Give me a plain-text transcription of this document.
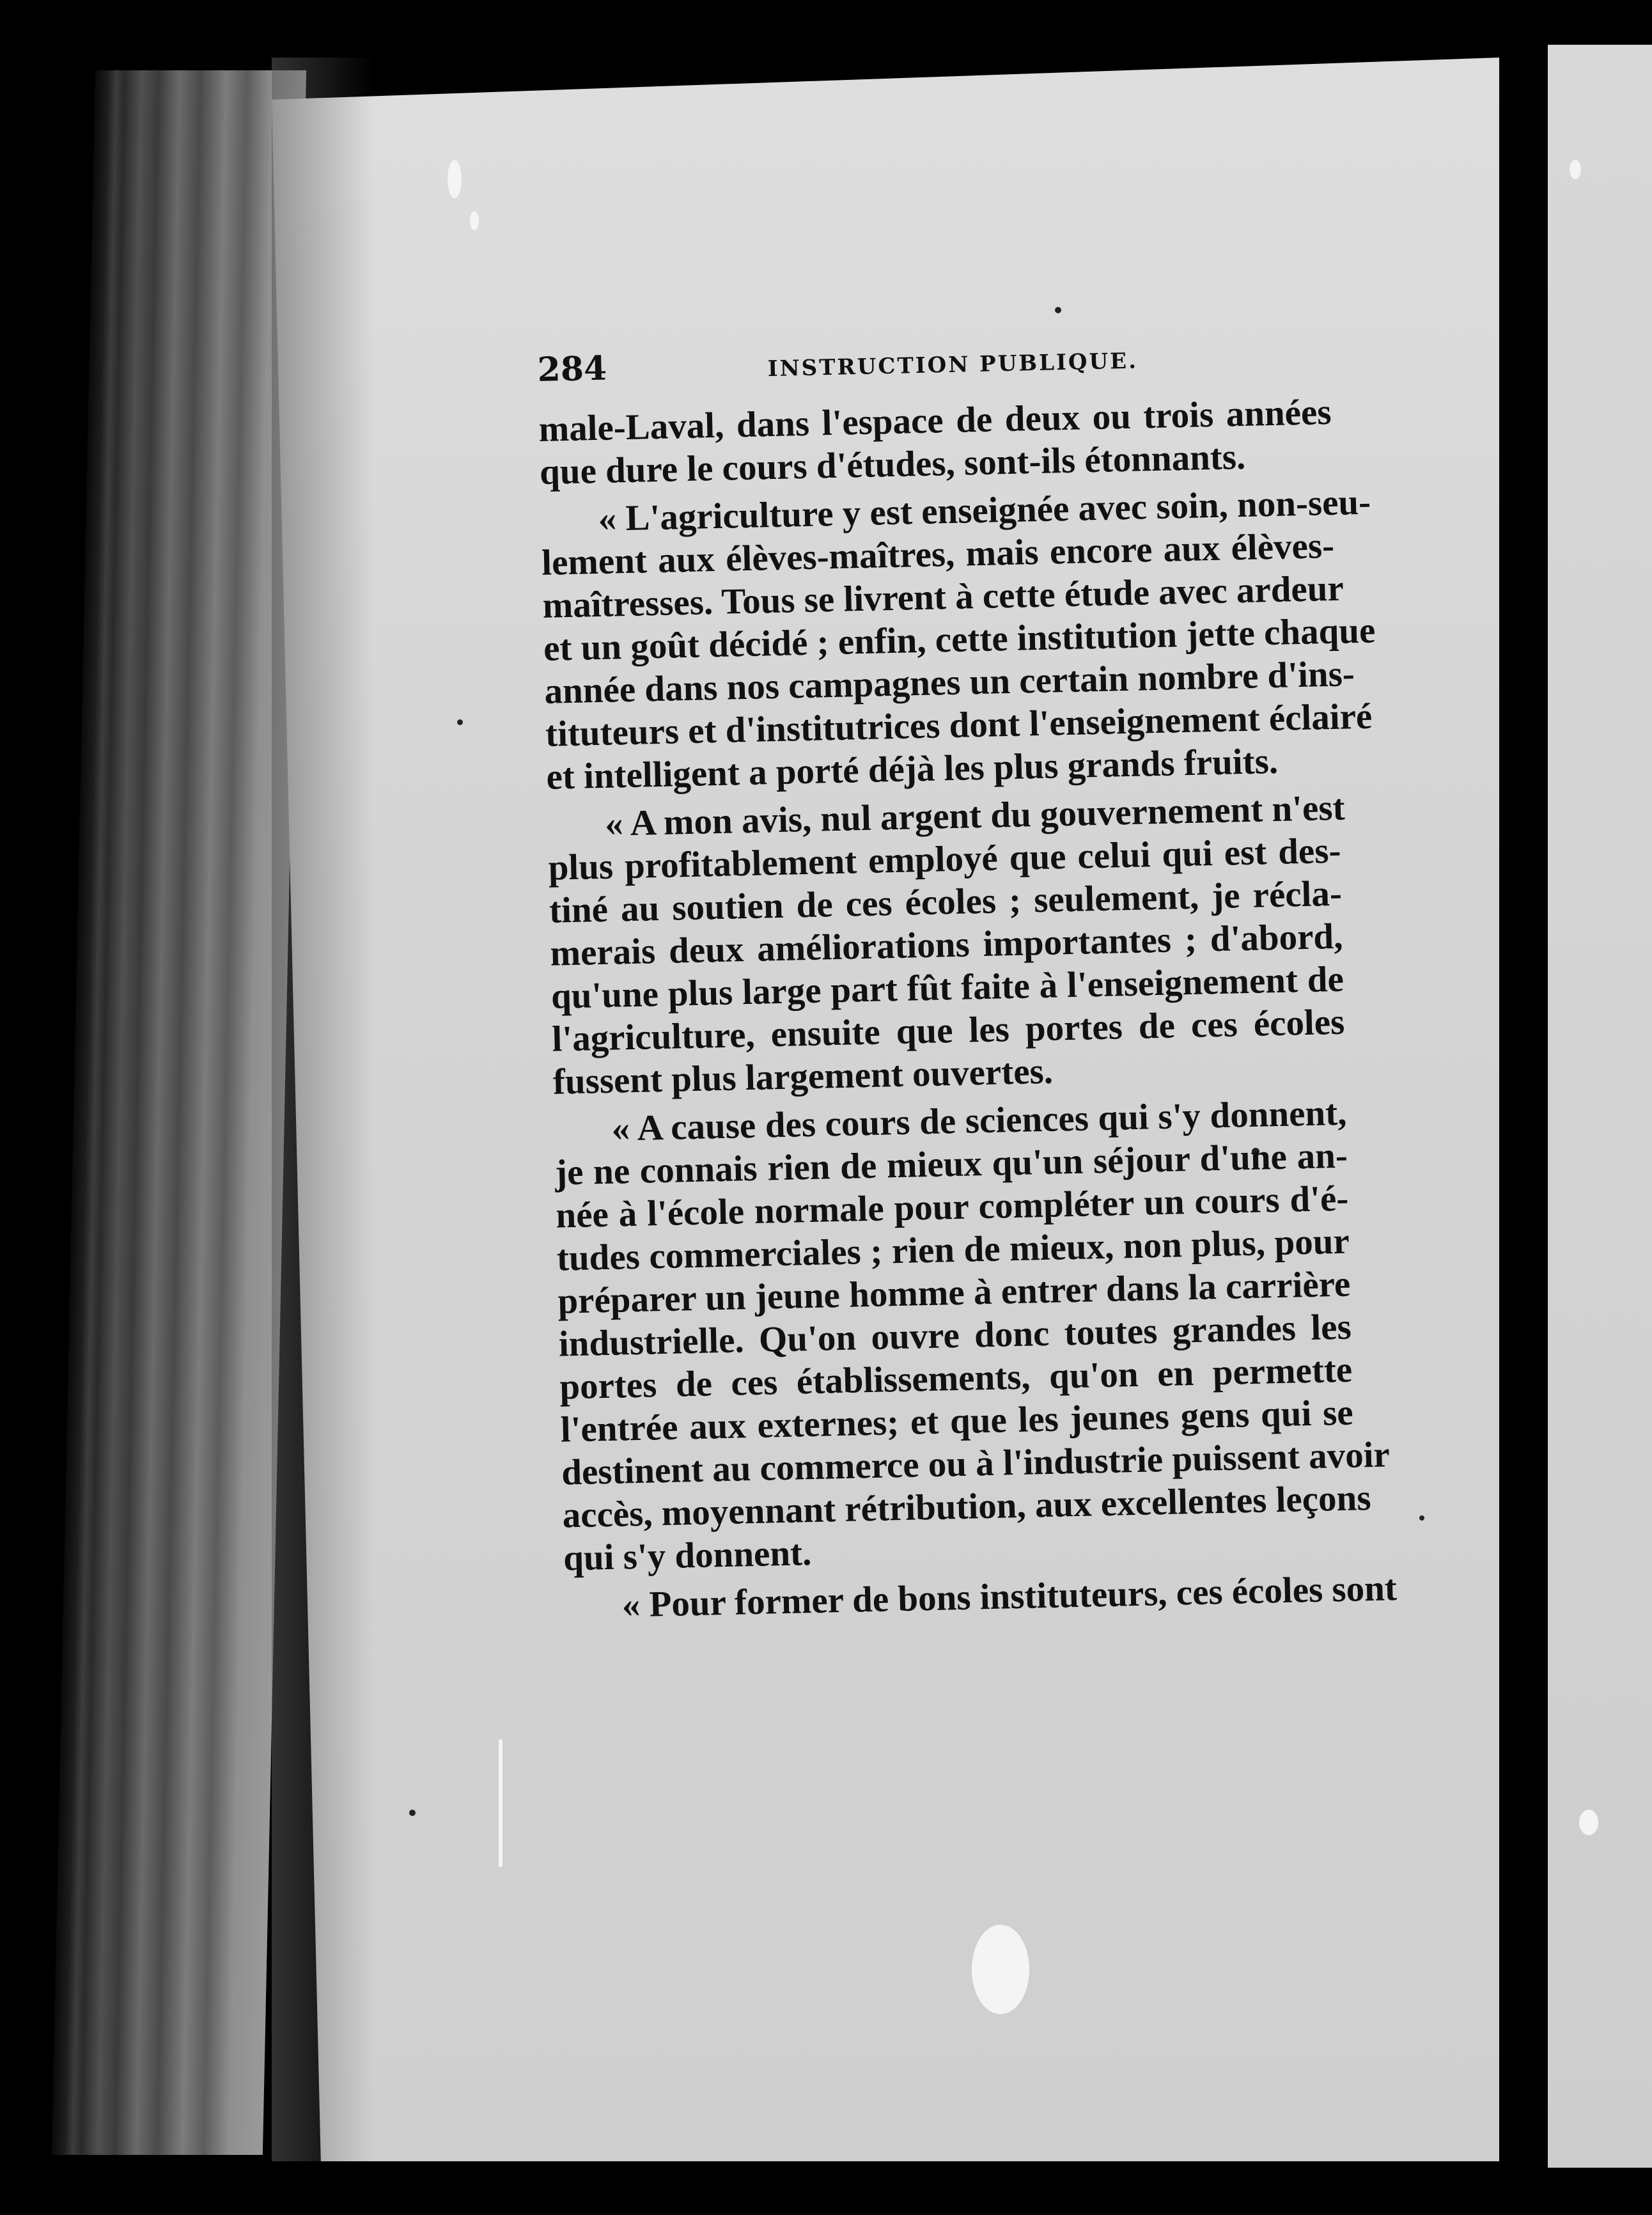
284	INSTRUCTION PUBLIQUE.
male-Laval, dans l'espace de deux ou trois années
que dure le cours d'études, sont-ils étonnants.
« L'agriculture y est enseignée avec soin, non-seu-
lement aux élèves-maîtres, mais encore aux élèves-
maîtresses. Tous se livrent à cette étude avec ardeur
et un goût décidé ; enfin, cette institution jette chaque
année dans nos campagnes un certain nombre d'ins-
tituteurs et d'institutrices dont l'enseignement éclairé
et intelligent a porté déjà les plus grands fruits.
« A mon avis, nul argent du gouvernement n'est
plus profitablement employé que celui qui est des-
tiné au soutien de ces écoles ; seulement, je récla-
merais deux améliorations importantes ; d'abord,
qu'une plus large part fût faite à l'enseignement de
l'agriculture, ensuite que les portes de ces écoles
fussent plus largement ouvertes.
« A cause des cours de sciences qui s'y donnent,
je ne connais rien de mieux qu'un séjour d'une an-
née à l'école normale pour compléter un cours d'é-
tudes commerciales ; rien de mieux, non plus, pour
préparer un jeune homme à entrer dans la carrière
industrielle. Qu'on ouvre donc toutes grandes les
portes de ces établissements, qu'on en permette
l'entrée aux externes; et que les jeunes gens qui se
destinent au commerce ou à l'industrie puissent avoir
accès, moyennant rétribution, aux excellentes leçons
qui s'y donnent.
« Pour former de bons instituteurs, ces écoles sont
